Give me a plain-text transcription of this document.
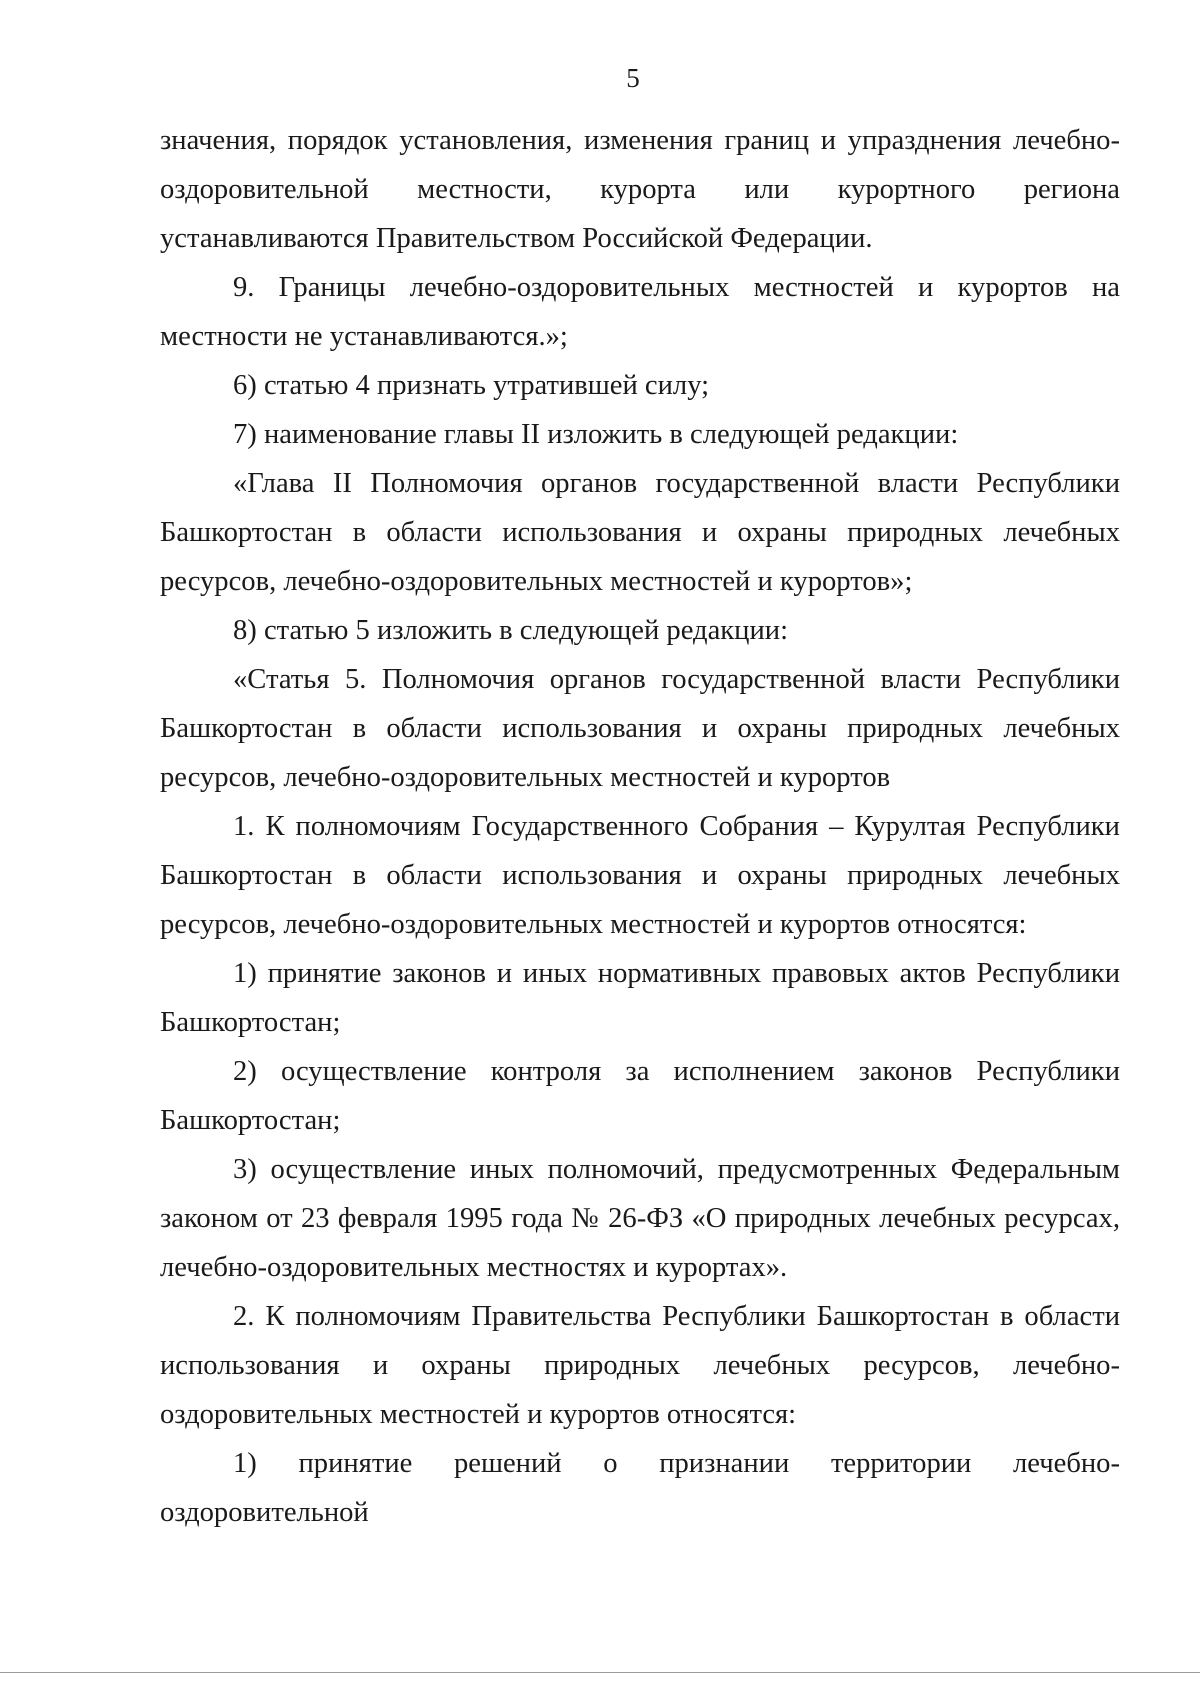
5

значения, порядок установления, изменения границ и упразднения лечебно-оздоровительной местности, курорта или курортного региона устанавливаются Правительством Российской Федерации.

9. Границы лечебно-оздоровительных местностей и курортов на местности не устанавливаются.»;

6) статью 4 признать утратившей силу;

7) наименование главы II изложить в следующей редакции:

«Глава II Полномочия органов государственной власти Республики Башкортостан в области использования и охраны природных лечебных ресурсов, лечебно-оздоровительных местностей и курортов»;

8) статью 5 изложить в следующей редакции:

«Статья 5. Полномочия органов государственной власти Республики Башкортостан в области использования и охраны природных лечебных ресурсов, лечебно-оздоровительных местностей и курортов

1. К полномочиям Государственного Собрания – Курултая Республики Башкортостан в области использования и охраны природных лечебных ресурсов, лечебно-оздоровительных местностей и курортов относятся:

1) принятие законов и иных нормативных правовых актов Республики Башкортостан;

2) осуществление контроля за исполнением законов Республики Башкортостан;

3) осуществление иных полномочий, предусмотренных Федеральным законом от 23 февраля 1995 года № 26-ФЗ «О природных лечебных ресурсах, лечебно-оздоровительных местностях и курортах».

2. К полномочиям Правительства Республики Башкортостан в области использования и охраны природных лечебных ресурсов, лечебно-оздоровительных местностей и курортов относятся:

1) принятие решений о признании территории лечебно-оздоровительной
